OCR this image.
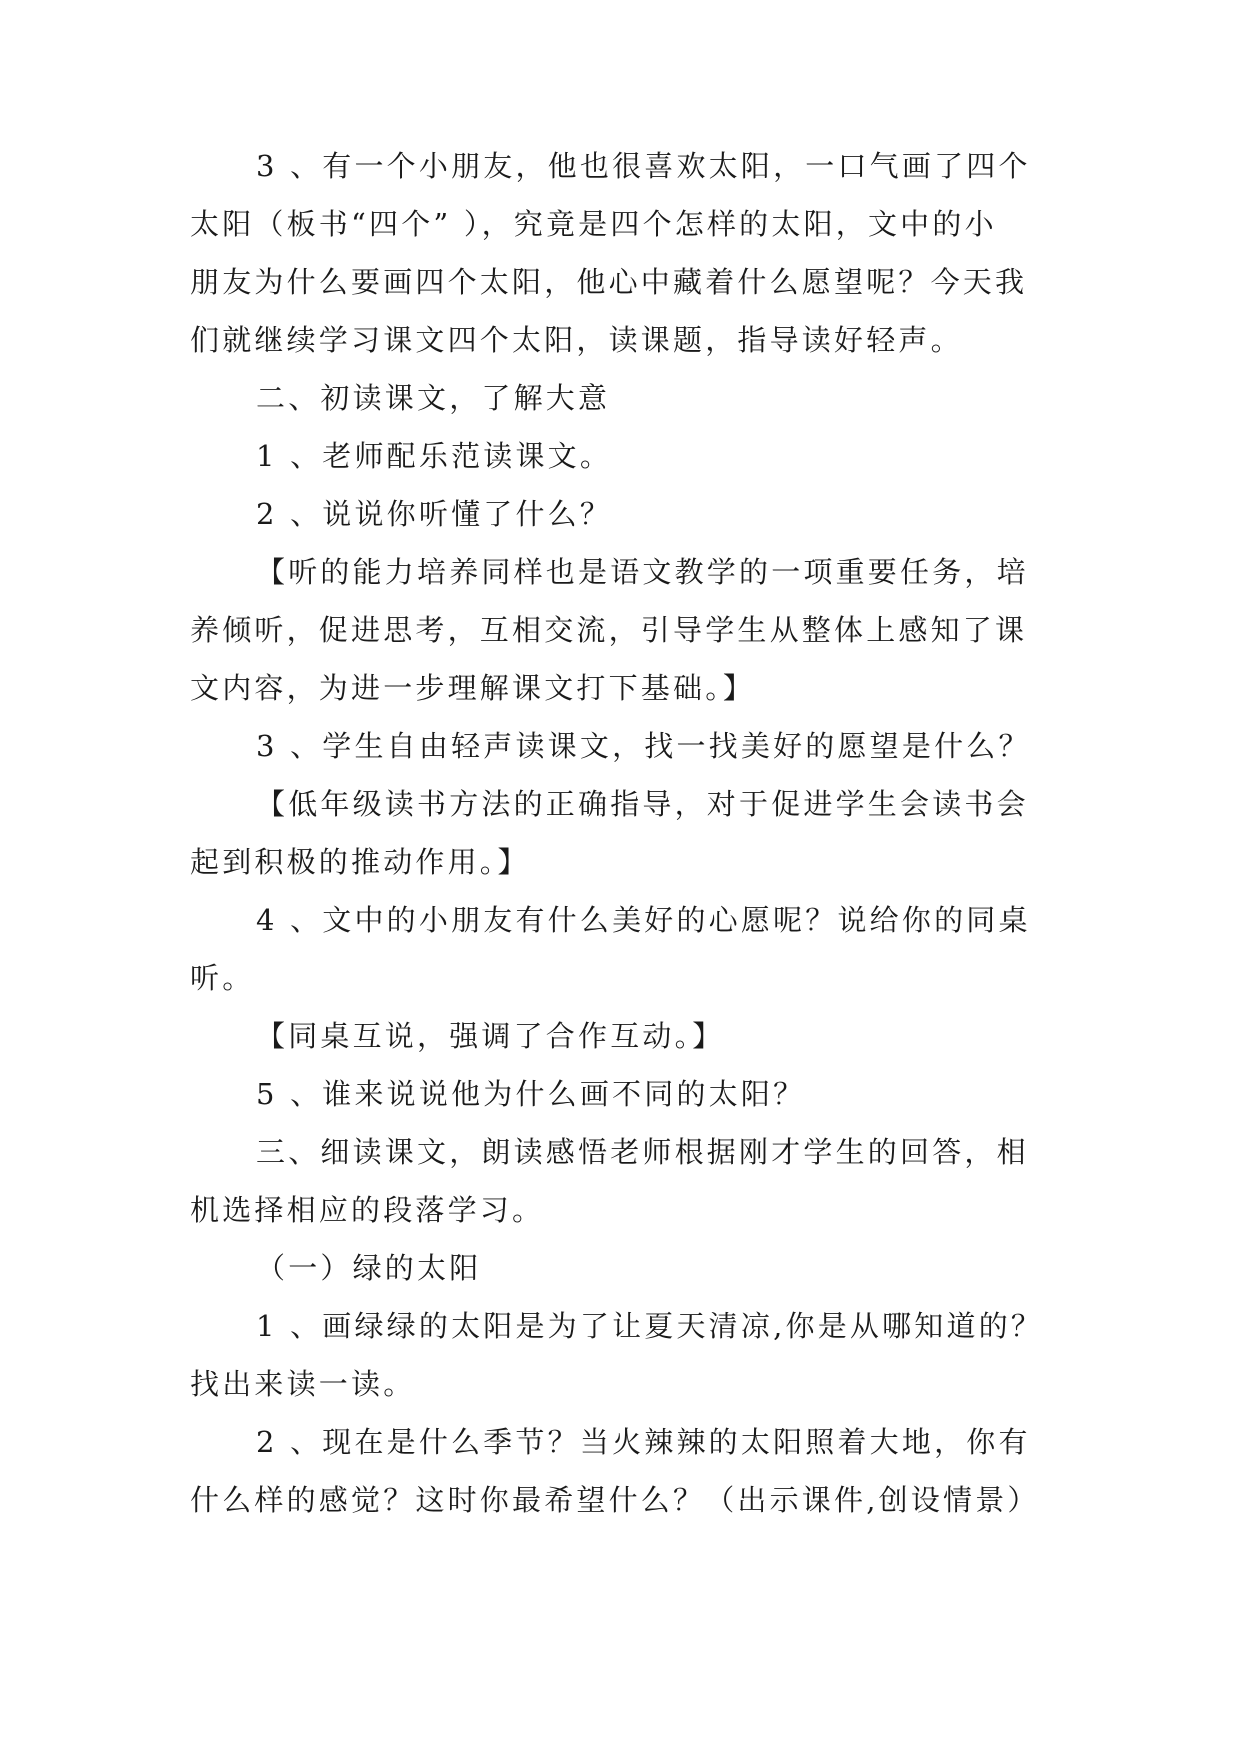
3 、有一个小朋友，他也很喜欢太阳，一口气画了四个
太阳（板书“四个” ），究竟是四个怎样的太阳，文中的小
朋友为什么要画四个太阳，他心中藏着什么愿望呢？今天我
们就继续学习课文四个太阳，读课题，指导读好轻声。
二、初读课文，了解大意
1 、老师配乐范读课文。
2 、说说你听懂了什么？
【听的能力培养同样也是语文教学的一项重要任务，培
养倾听，促进思考，互相交流，引导学生从整体上感知了课
文内容，为进一步理解课文打下基础。】
3 、学生自由轻声读课文，找一找美好的愿望是什么？
【低年级读书方法的正确指导，对于促进学生会读书会
起到积极的推动作用。】
4 、文中的小朋友有什么美好的心愿呢？说给你的同桌
听。
【同桌互说，强调了合作互动。】
5 、谁来说说他为什么画不同的太阳？
三、细读课文，朗读感悟老师根据刚才学生的回答，相
机选择相应的段落学习。
（一）绿的太阳
1 、画绿绿的太阳是为了让夏天清凉,你是从哪知道的？
找出来读一读。
2 、现在是什么季节？当火辣辣的太阳照着大地，你有
什么样的感觉？这时你最希望什么？（出示课件,创设情景）
